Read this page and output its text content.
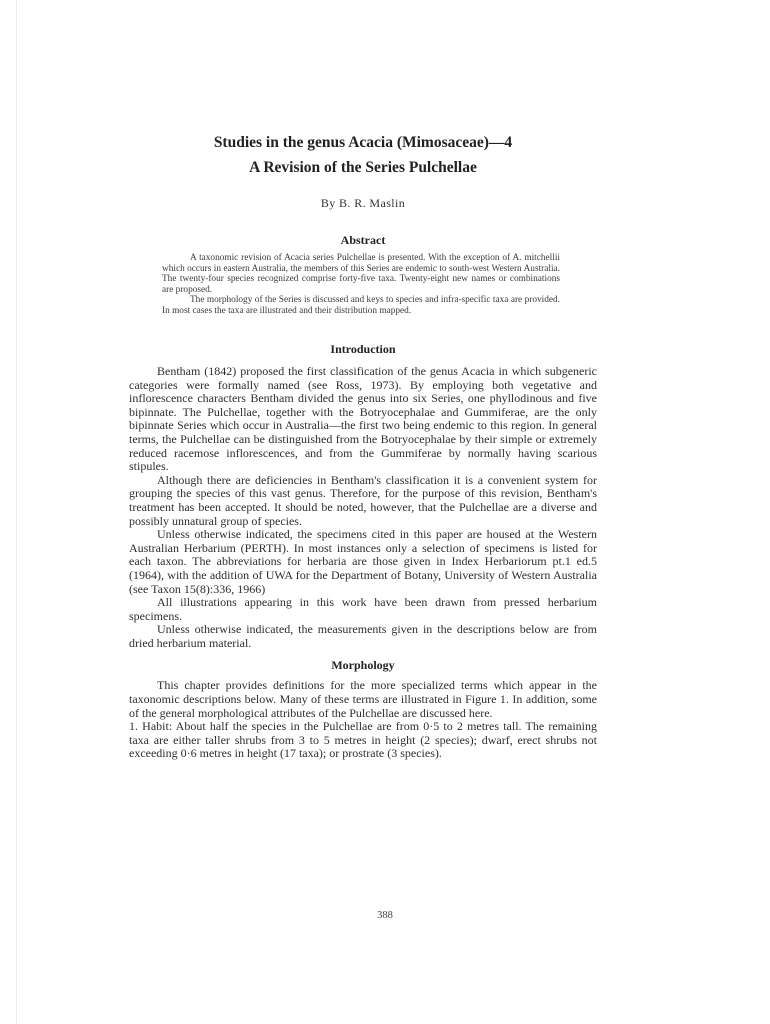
Studies in the genus Acacia (Mimosaceae)—4
A Revision of the Series Pulchellae
By B. R. Maslin
Abstract

A taxonomic revision of Acacia series Pulchellae is presented. With the exception of A. mitchellii which occurs in eastern Australia, the members of this Series are endemic to south-west Western Australia. The twenty-four species recognized comprise forty-five taxa. Twenty-eight new names or combinations are proposed.

The morphology of the Series is discussed and keys to species and infra-specific taxa are provided. In most cases the taxa are illustrated and their distribution mapped.

Introduction

Bentham (1842) proposed the first classification of the genus Acacia in which subgeneric categories were formally named (see Ross, 1973). By employing both vegetative and inflorescence characters Bentham divided the genus into six Series, one phyllodinous and five bipinnate. The Pulchellae, together with the Botryocephalae and Gummiferae, are the only bipinnate Series which occur in Australia—the first two being endemic to this region. In general terms, the Pulchellae can be distinguished from the Botryocephalae by their simple or extremely reduced racemose inflorescences, and from the Gummiferae by normally having scarious stipules.

Although there are deficiencies in Bentham's classification it is a convenient system for grouping the species of this vast genus. Therefore, for the purpose of this revision, Bentham's treatment has been accepted. It should be noted, however, that the Pulchellae are a diverse and possibly unnatural group of species.

Unless otherwise indicated, the specimens cited in this paper are housed at the Western Australian Herbarium (PERTH). In most instances only a selection of specimens is listed for each taxon. The abbreviations for herbaria are those given in Index Herbariorum pt.1 ed.5 (1964), with the addition of UWA for the Department of Botany, University of Western Australia (see Taxon 15(8):336, 1966)

All illustrations appearing in this work have been drawn from pressed herbarium specimens.

Unless otherwise indicated, the measurements given in the descriptions below are from dried herbarium material.

Morphology

This chapter provides definitions for the more specialized terms which appear in the taxonomic descriptions below. Many of these terms are illustrated in Figure 1. In addition, some of the general morphological attributes of the Pulchellae are discussed here.

1. Habit: About half the species in the Pulchellae are from 0·5 to 2 metres tall. The remaining taxa are either taller shrubs from 3 to 5 metres in height (2 species); dwarf, erect shrubs not exceeding 0·6 metres in height (17 taxa); or prostrate (3 species).

388
